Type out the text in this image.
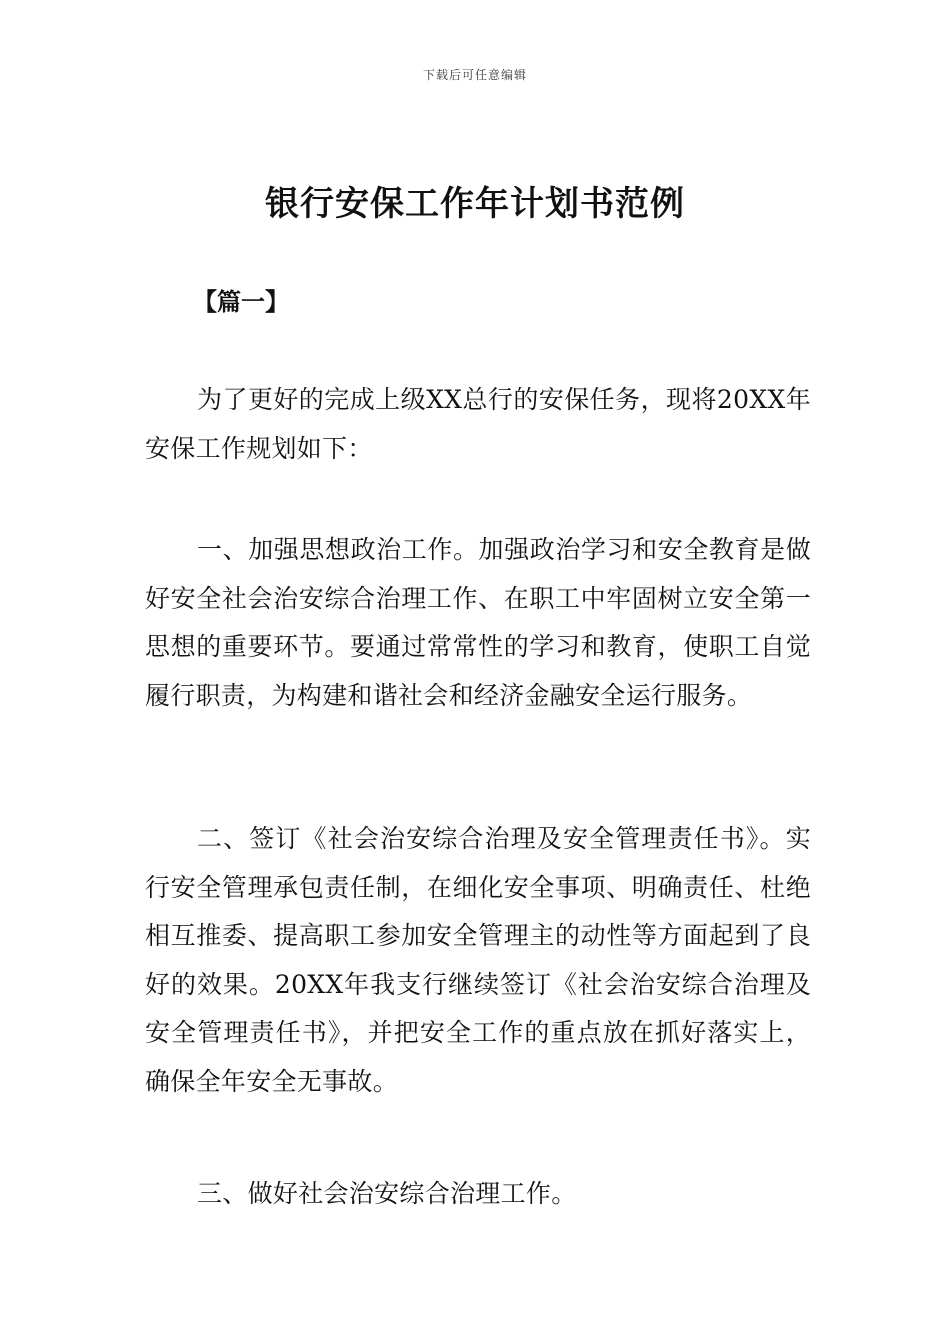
下载后可任意编辑
银行安保工作年计划书范例
【篇一】

为了更好的完成上级XX总行的安保任务，现将20XX年安保工作规划如下：

一、加强思想政治工作。加强政治学习和安全教育是做好安全社会治安综合治理工作、在职工中牢固树立安全第一思想的重要环节。要通过常常性的学习和教育，使职工自觉履行职责，为构建和谐社会和经济金融安全运行服务。

二、签订《社会治安综合治理及安全管理责任书》。实行安全管理承包责任制，在细化安全事项、明确责任、杜绝相互推委、提高职工参加安全管理主的动性等方面起到了良好的效果。20XX年我支行继续签订《社会治安综合治理及安全管理责任书》，并把安全工作的重点放在抓好落实上，确保全年安全无事故。

三、做好社会治安综合治理工作。
